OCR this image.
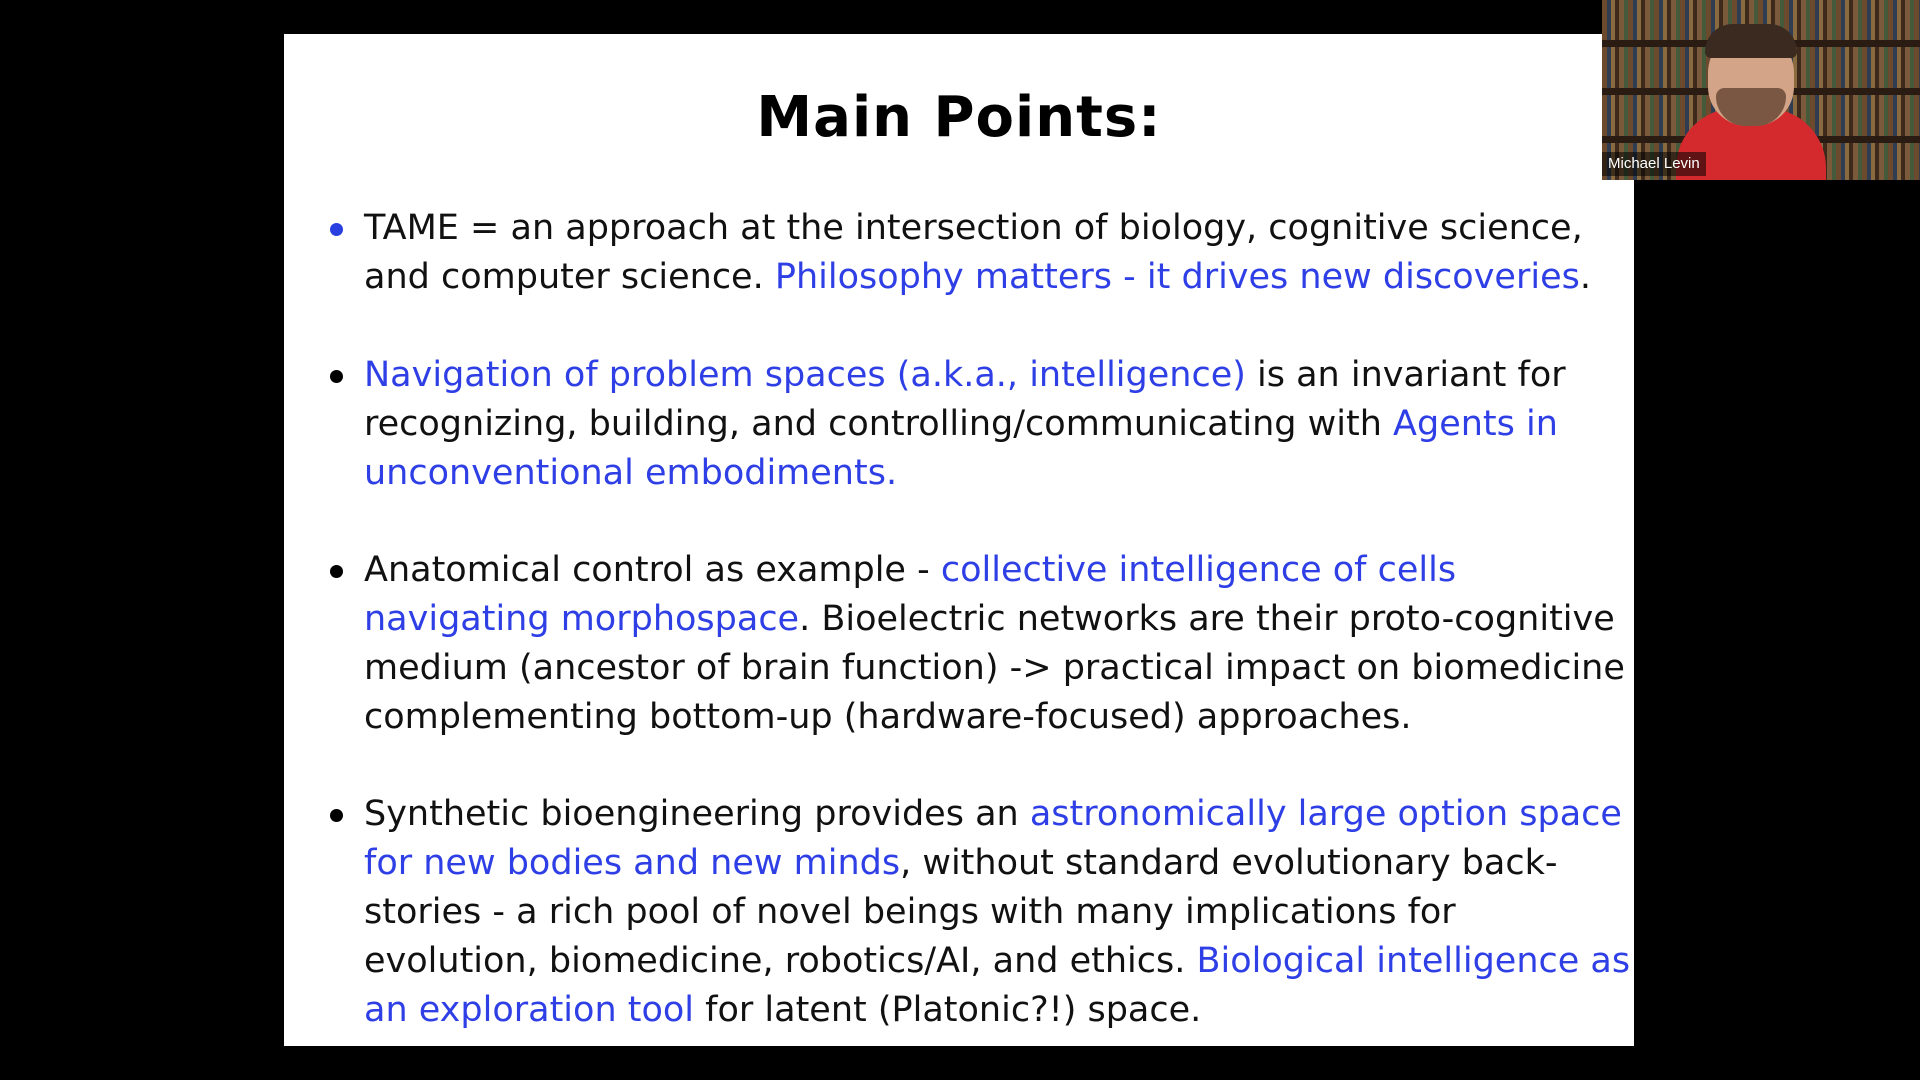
Main Points:
TAME = an approach at the intersection of biology, cognitive science,
and computer science. Philosophy matters - it drives new discoveries.
Navigation of problem spaces (a.k.a., intelligence) is an invariant for
recognizing, building, and controlling/communicating with Agents in
unconventional embodiments.
Anatomical control as example - collective intelligence of cells
navigating morphospace. Bioelectric networks are their proto-cognitive
medium (ancestor of brain function) -> practical impact on biomedicine
complementing bottom-up (hardware-focused) approaches.
Synthetic bioengineering provides an astronomically large option space
for new bodies and new minds, without standard evolutionary back-
stories - a rich pool of novel beings with many implications for
evolution, biomedicine, robotics/AI, and ethics. Biological intelligence as
an exploration tool for latent (Platonic?!) space.
Michael Levin
